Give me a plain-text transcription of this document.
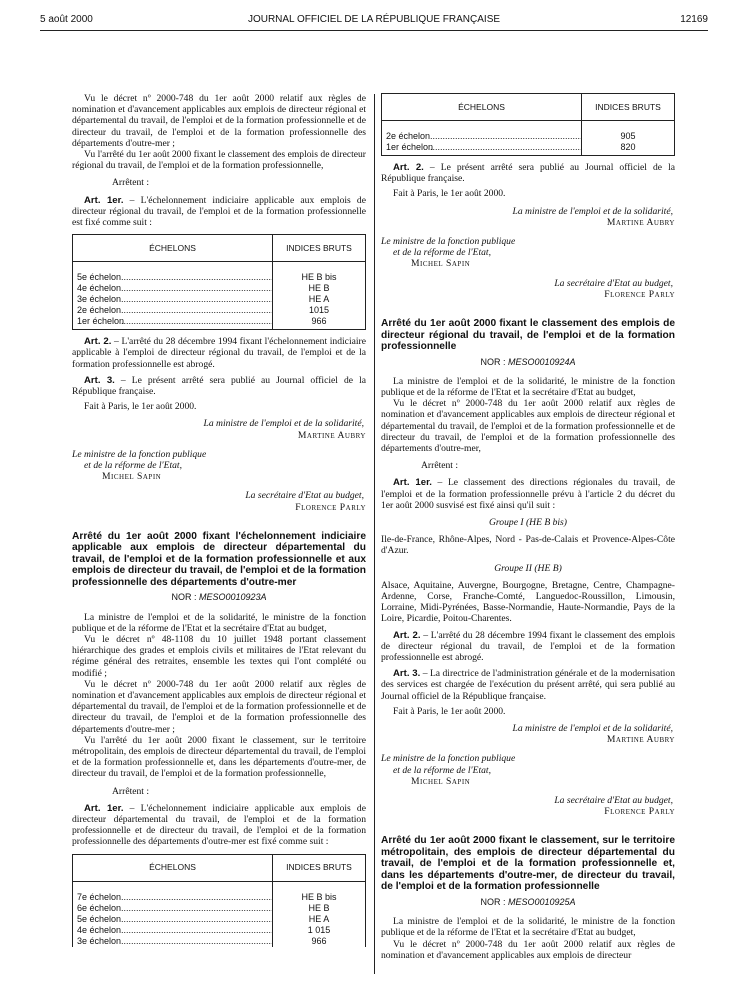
5 août 2000	JOURNAL OFFICIEL DE LA RÉPUBLIQUE FRANÇAISE	12169

Vu le décret nº 2000-748 du 1er août 2000 relatif aux règles de nomination et d'avancement applicables aux emplois de directeur régional et départemental du travail, de l'emploi et de la formation professionnelle et de directeur du travail, de l'emploi et de la formation professionnelle des départements d'outre-mer ;

Vu l'arrêté du 1er août 2000 fixant le classement des emplois de directeur régional du travail, de l'emploi et de la formation professionnelle,

Arrêtent :

Art. 1er. – L'échelonnement indiciaire applicable aux emplois de directeur régional du travail, de l'emploi et de la formation professionnelle est fixé comme suit :

ÉCHELONS	INDICES BRUTS
5e échelon .....	HE B bis
4e échelon .....	HE B
3e échelon .....	HE A
2e échelon .....	1015
1er échelon .....	966

Art. 2. – L'arrêté du 28 décembre 1994 fixant l'échelonnement indiciaire applicable à l'emploi de directeur régional du travail, de l'emploi et de la formation professionnelle est abrogé.

Art. 3. – Le présent arrêté sera publié au Journal officiel de la République française.

Fait à Paris, le 1er août 2000.

La ministre de l'emploi et de la solidarité,

Martine Aubry

Le ministre de la fonction publique

et de la réforme de l'Etat,

Michel Sapin

La secrétaire d'Etat au budget,

Florence Parly

Arrêté du 1er août 2000 fixant l'échelonnement indiciaire applicable aux emplois de directeur départemental du travail, de l'emploi et de la formation professionnelle et aux emplois de directeur du travail, de l'emploi et de la formation professionnelle des départements d'outre-mer

NOR : MESO0010923A

La ministre de l'emploi et de la solidarité, le ministre de la fonction publique et de la réforme de l'Etat et la secrétaire d'Etat au budget,

Vu le décret nº 48-1108 du 10 juillet 1948 portant classement hiérarchique des grades et emplois civils et militaires de l'Etat relevant du régime général des retraites, ensemble les textes qui l'ont complété ou modifié ;

Vu le décret nº 2000-748 du 1er août 2000 relatif aux règles de nomination et d'avancement applicables aux emplois de directeur régional et départemental du travail, de l'emploi et de la formation professionnelle et de directeur du travail, de l'emploi et de la formation professionnelle des départements d'outre-mer ;

Vu l'arrêté du 1er août 2000 fixant le classement, sur le territoire métropolitain, des emplois de directeur départemental du travail, de l'emploi et de la formation professionnelle et, dans les départements d'outre-mer, de directeur du travail, de l'emploi et de la formation professionnelle,

Arrêtent :

Art. 1er. – L'échelonnement indiciaire applicable aux emplois de directeur départemental du travail, de l'emploi et de la formation professionnelle et de directeur du travail, de l'emploi et de la formation professionnelle des départements d'outre-mer est fixé comme suit :

ÉCHELONS	INDICES BRUTS
7e échelon .....	HE B bis
6e échelon .....	HE B
5e échelon .....	HE A
4e échelon .....	1 015
3e échelon .....	966
ÉCHELONS	INDICES BRUTS
2e échelon .....	905
1er échelon .....	820

Art. 2. – Le présent arrêté sera publié au Journal officiel de la République française.

Fait à Paris, le 1er août 2000.

La ministre de l'emploi et de la solidarité,

Martine Aubry

Le ministre de la fonction publique

et de la réforme de l'Etat,

Michel Sapin

La secrétaire d'Etat au budget,

Florence Parly

Arrêté du 1er août 2000 fixant le classement des emplois de directeur régional du travail, de l'emploi et de la formation professionnelle

NOR : MESO0010924A

La ministre de l'emploi et de la solidarité, le ministre de la fonction publique et de la réforme de l'Etat et la secrétaire d'Etat au budget,

Vu le décret nº 2000-748 du 1er août 2000 relatif aux règles de nomination et d'avancement applicables aux emplois de directeur régional et départemental du travail, de l'emploi et de la formation professionnelle et de directeur du travail, de l'emploi et de la formation professionnelle des départements d'outre-mer,

Arrêtent :

Art. 1er. – Le classement des directions régionales du travail, de l'emploi et de la formation professionnelle prévu à l'article 2 du décret du 1er août 2000 susvisé est fixé ainsi qu'il suit :

Groupe I (HE B bis)

Ile-de-France, Rhône-Alpes, Nord - Pas-de-Calais et Provence-Alpes-Côte d'Azur.

Groupe II (HE B)

Alsace, Aquitaine, Auvergne, Bourgogne, Bretagne, Centre, Champagne-Ardenne, Corse, Franche-Comté, Languedoc-Roussillon, Limousin, Lorraine, Midi-Pyrénées, Basse-Normandie, Haute-Normandie, Pays de la Loire, Picardie, Poitou-Charentes.

Art. 2. – L'arrêté du 28 décembre 1994 fixant le classement des emplois de directeur régional du travail, de l'emploi et de la formation professionnelle est abrogé.

Art. 3. – La directrice de l'administration générale et de la modernisation des services est chargée de l'exécution du présent arrêté, qui sera publié au Journal officiel de la République française.

Fait à Paris, le 1er août 2000.

La ministre de l'emploi et de la solidarité,

Martine Aubry

Le ministre de la fonction publique

et de la réforme de l'Etat,

Michel Sapin

La secrétaire d'Etat au budget,

Florence Parly

Arrêté du 1er août 2000 fixant le classement, sur le territoire métropolitain, des emplois de directeur départemental du travail, de l'emploi et de la formation professionnelle et, dans les départements d'outre-mer, de directeur du travail, de l'emploi et de la formation professionnelle

NOR : MESO0010925A

La ministre de l'emploi et de la solidarité, le ministre de la fonction publique et de la réforme de l'Etat et la secrétaire d'Etat au budget,

Vu le décret nº 2000-748 du 1er août 2000 relatif aux règles de nomination et d'avancement applicables aux emplois de directeur
